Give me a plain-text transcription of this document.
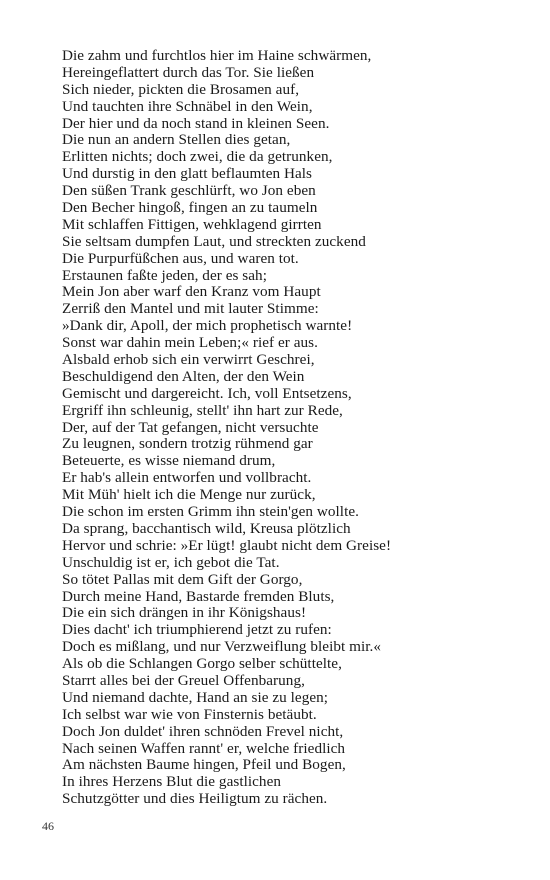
Die zahm und furchtlos hier im Haine schwärmen,
Hereingeflattert durch das Tor. Sie ließen
Sich nieder, pickten die Brosamen auf,
Und tauchten ihre Schnäbel in den Wein,
Der hier und da noch stand in kleinen Seen.
Die nun an andern Stellen dies getan,
Erlitten nichts; doch zwei, die da getrunken,
Und durstig in den glatt beflaumten Hals
Den süßen Trank geschlürft, wo Jon eben
Den Becher hingoß, fingen an zu taumeln
Mit schlaffen Fittigen, wehklagend girrten
Sie seltsam dumpfen Laut, und streckten zuckend
Die Purpurfüßchen aus, und waren tot.
Erstaunen faßte jeden, der es sah;
Mein Jon aber warf den Kranz vom Haupt
Zerriß den Mantel und mit lauter Stimme:
»Dank dir, Apoll, der mich prophetisch warnte!
Sonst war dahin mein Leben;« rief er aus.
Alsbald erhob sich ein verwirrt Geschrei,
Beschuldigend den Alten, der den Wein
Gemischt und dargereicht. Ich, voll Entsetzens,
Ergriff ihn schleunig, stellt' ihn hart zur Rede,
Der, auf der Tat gefangen, nicht versuchte
Zu leugnen, sondern trotzig rühmend gar
Beteuerte, es wisse niemand drum,
Er hab's allein entworfen und vollbracht.
Mit Müh' hielt ich die Menge nur zurück,
Die schon im ersten Grimm ihn stein'gen wollte.
Da sprang, bacchantisch wild, Kreusa plötzlich
Hervor und schrie: »Er lügt! glaubt nicht dem Greise!
Unschuldig ist er, ich gebot die Tat.
So tötet Pallas mit dem Gift der Gorgo,
Durch meine Hand, Bastarde fremden Bluts,
Die ein sich drängen in ihr Königshaus!
Dies dacht' ich triumphierend jetzt zu rufen:
Doch es mißlang, und nur Verzweiflung bleibt mir.«
Als ob die Schlangen Gorgo selber schüttelte,
Starrt alles bei der Greuel Offenbarung,
Und niemand dachte, Hand an sie zu legen;
Ich selbst war wie von Finsternis betäubt.
Doch Jon duldet' ihren schnöden Frevel nicht,
Nach seinen Waffen rannt' er, welche friedlich
Am nächsten Baume hingen, Pfeil und Bogen,
In ihres Herzens Blut die gastlichen
Schutzgötter und dies Heiligtum zu rächen.
46
